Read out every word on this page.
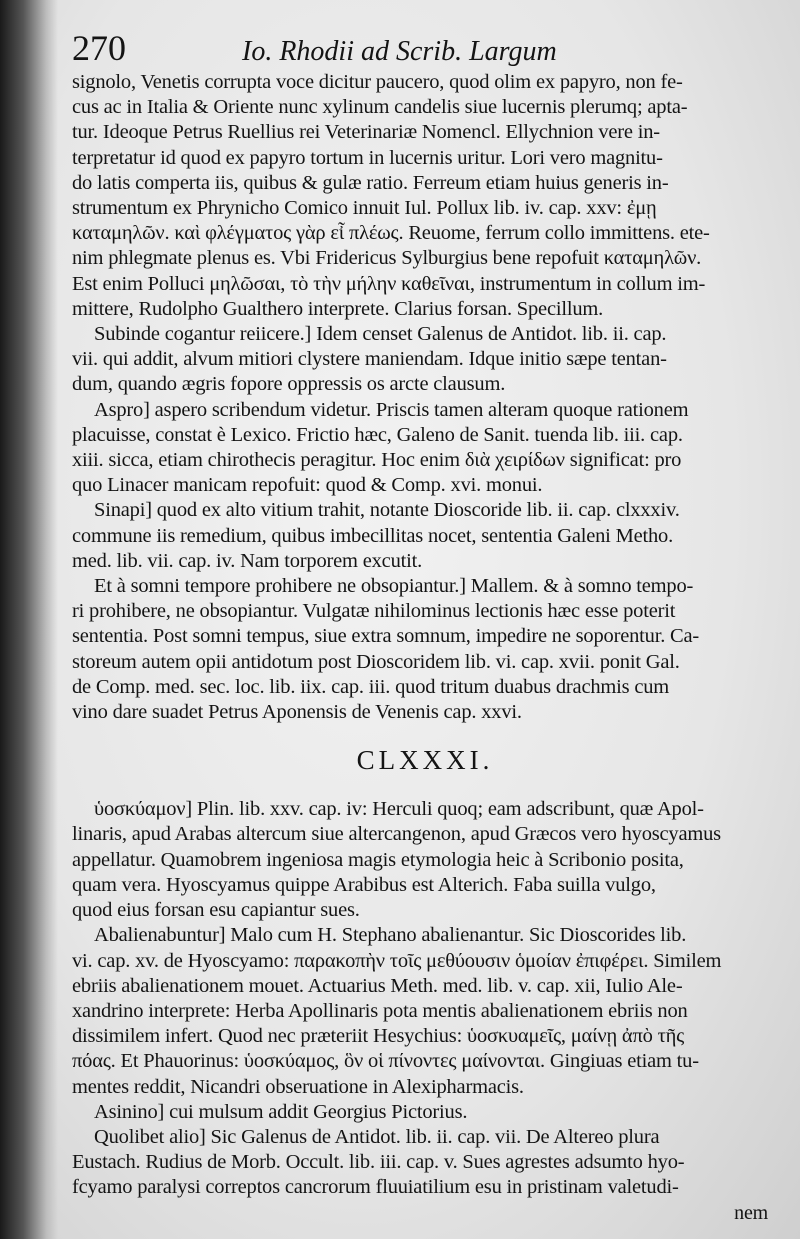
270	Io. Rhodii ad Scrib. Largum

signolo, Venetis corrupta voce dicitur paucero, quod olim ex papyro, non fe-

cus ac in Italia & Oriente nunc xylinum candelis siue lucernis plerumq; apta-

tur. Ideoque Petrus Ruellius rei Veterinariæ Nomencl. Ellychnion vere in-

terpretatur id quod ex papyro tortum in lucernis uritur. Lori vero magnitu-

do latis comperta iis, quibus & gulæ ratio. Ferreum etiam huius generis in-

strumentum ex Phrynicho Comico innuit Iul. Pollux lib. iv. cap. xxv: ἐμῃ

καταμηλῶν. καὶ φλέγματος γὰρ εἶ πλέως. Reuome, ferrum collo immittens. ete-

nim phlegmate plenus es. Vbi Fridericus Sylburgius bene repofuit καταμηλῶν.

Est enim Polluci μηλῶσαι, τὸ τὴν μήλην καθεῖναι, instrumentum in collum im-

mittere, Rudolpho Gualthero interprete. Clarius forsan. Specillum.

Subinde cogantur reiicere.] Idem censet Galenus de Antidot. lib. ii. cap.

vii. qui addit, alvum mitiori clystere maniendam. Idque initio sæpe tentan-

dum, quando ægris fopore oppressis os arcte clausum.

Aspro] aspero scribendum videtur. Priscis tamen alteram quoque rationem

placuisse, constat è Lexico. Frictio hæc, Galeno de Sanit. tuenda lib. iii. cap.

xiii. sicca, etiam chirothecis peragitur. Hoc enim διὰ χειρίδων significat: pro

quo Linacer manicam repofuit: quod & Comp. xvi. monui.

Sinapi] quod ex alto vitium trahit, notante Dioscoride lib. ii. cap. clxxxiv.

commune iis remedium, quibus imbecillitas nocet, sententia Galeni Metho.

med. lib. vii. cap. iv. Nam torporem excutit.

Et à somni tempore prohibere ne obsopiantur.] Mallem. & à somno tempo-

ri prohibere, ne obsopiantur. Vulgatæ nihilominus lectionis hæc esse poterit

sententia. Post somni tempus, siue extra somnum, impedire ne soporentur. Ca-

storeum autem opii antidotum post Dioscoridem lib. vi. cap. xvii. ponit Gal.

de Comp. med. sec. loc. lib. iix. cap. iii. quod tritum duabus drachmis cum

vino dare suadet Petrus Aponensis de Venenis cap. xxvi.

CLXXXI.

ὑοσκύαμον] Plin. lib. xxv. cap. iv: Herculi quoq; eam adscribunt, quæ Apol-

linaris, apud Arabas altercum siue altercangenon, apud Græcos vero hyoscyamus

appellatur. Quamobrem ingeniosa magis etymologia heic à Scribonio posita,

quam vera. Hyoscyamus quippe Arabibus est Alterich. Faba suilla vulgo,

quod eius forsan esu capiantur sues.

Abalienabuntur] Malo cum H. Stephano abalienantur. Sic Dioscorides lib.

vi. cap. xv. de Hyoscyamo: παρακοπὴν τοῖς μεθύουσιν ὁμοίαν ἐπιφέρει. Similem

ebriis abalienationem mouet. Actuarius Meth. med. lib. v. cap. xii, Iulio Ale-

xandrino interprete: Herba Apollinaris pota mentis abalienationem ebriis non

dissimilem infert. Quod nec præteriit Hesychius: ὑοσκυαμεῖς, μαίνῃ ἀπὸ τῆς

πόας. Et Phauorinus: ὑοσκύαμος, ὃν οἱ πίνοντες μαίνονται. Gingiuas etiam tu-

mentes reddit, Nicandri obseruatione in Alexipharmacis.

Asinino] cui mulsum addit Georgius Pictorius.

Quolibet alio] Sic Galenus de Antidot. lib. ii. cap. vii. De Altereo plura

Eustach. Rudius de Morb. Occult. lib. iii. cap. v. Sues agrestes adsumto hyo-

fcyamo paralysi correptos cancrorum fluuiatilium esu in pristinam valetudi-

nem
